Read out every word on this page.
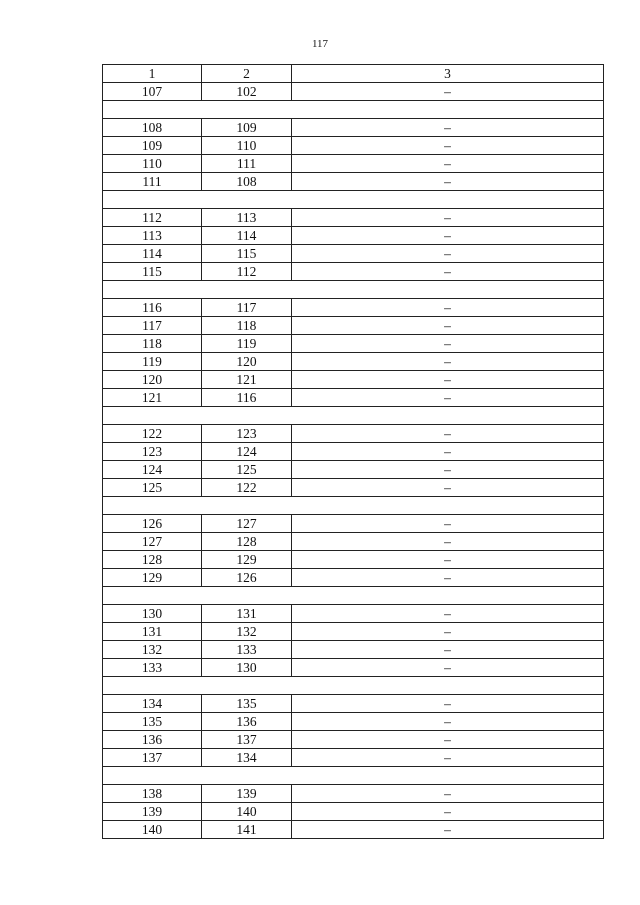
117
1	2	3
107	102	–

108	109	–
109	110	–
110	111	–
111	108	–

112	113	–
113	114	–
114	115	–
115	112	–

116	117	–
117	118	–
118	119	–
119	120	–
120	121	–
121	116	–

122	123	–
123	124	–
124	125	–
125	122	–

126	127	–
127	128	–
128	129	–
129	126	–

130	131	–
131	132	–
132	133	–
133	130	–

134	135	–
135	136	–
136	137	–
137	134	–

138	139	–
139	140	–
140	141	–
